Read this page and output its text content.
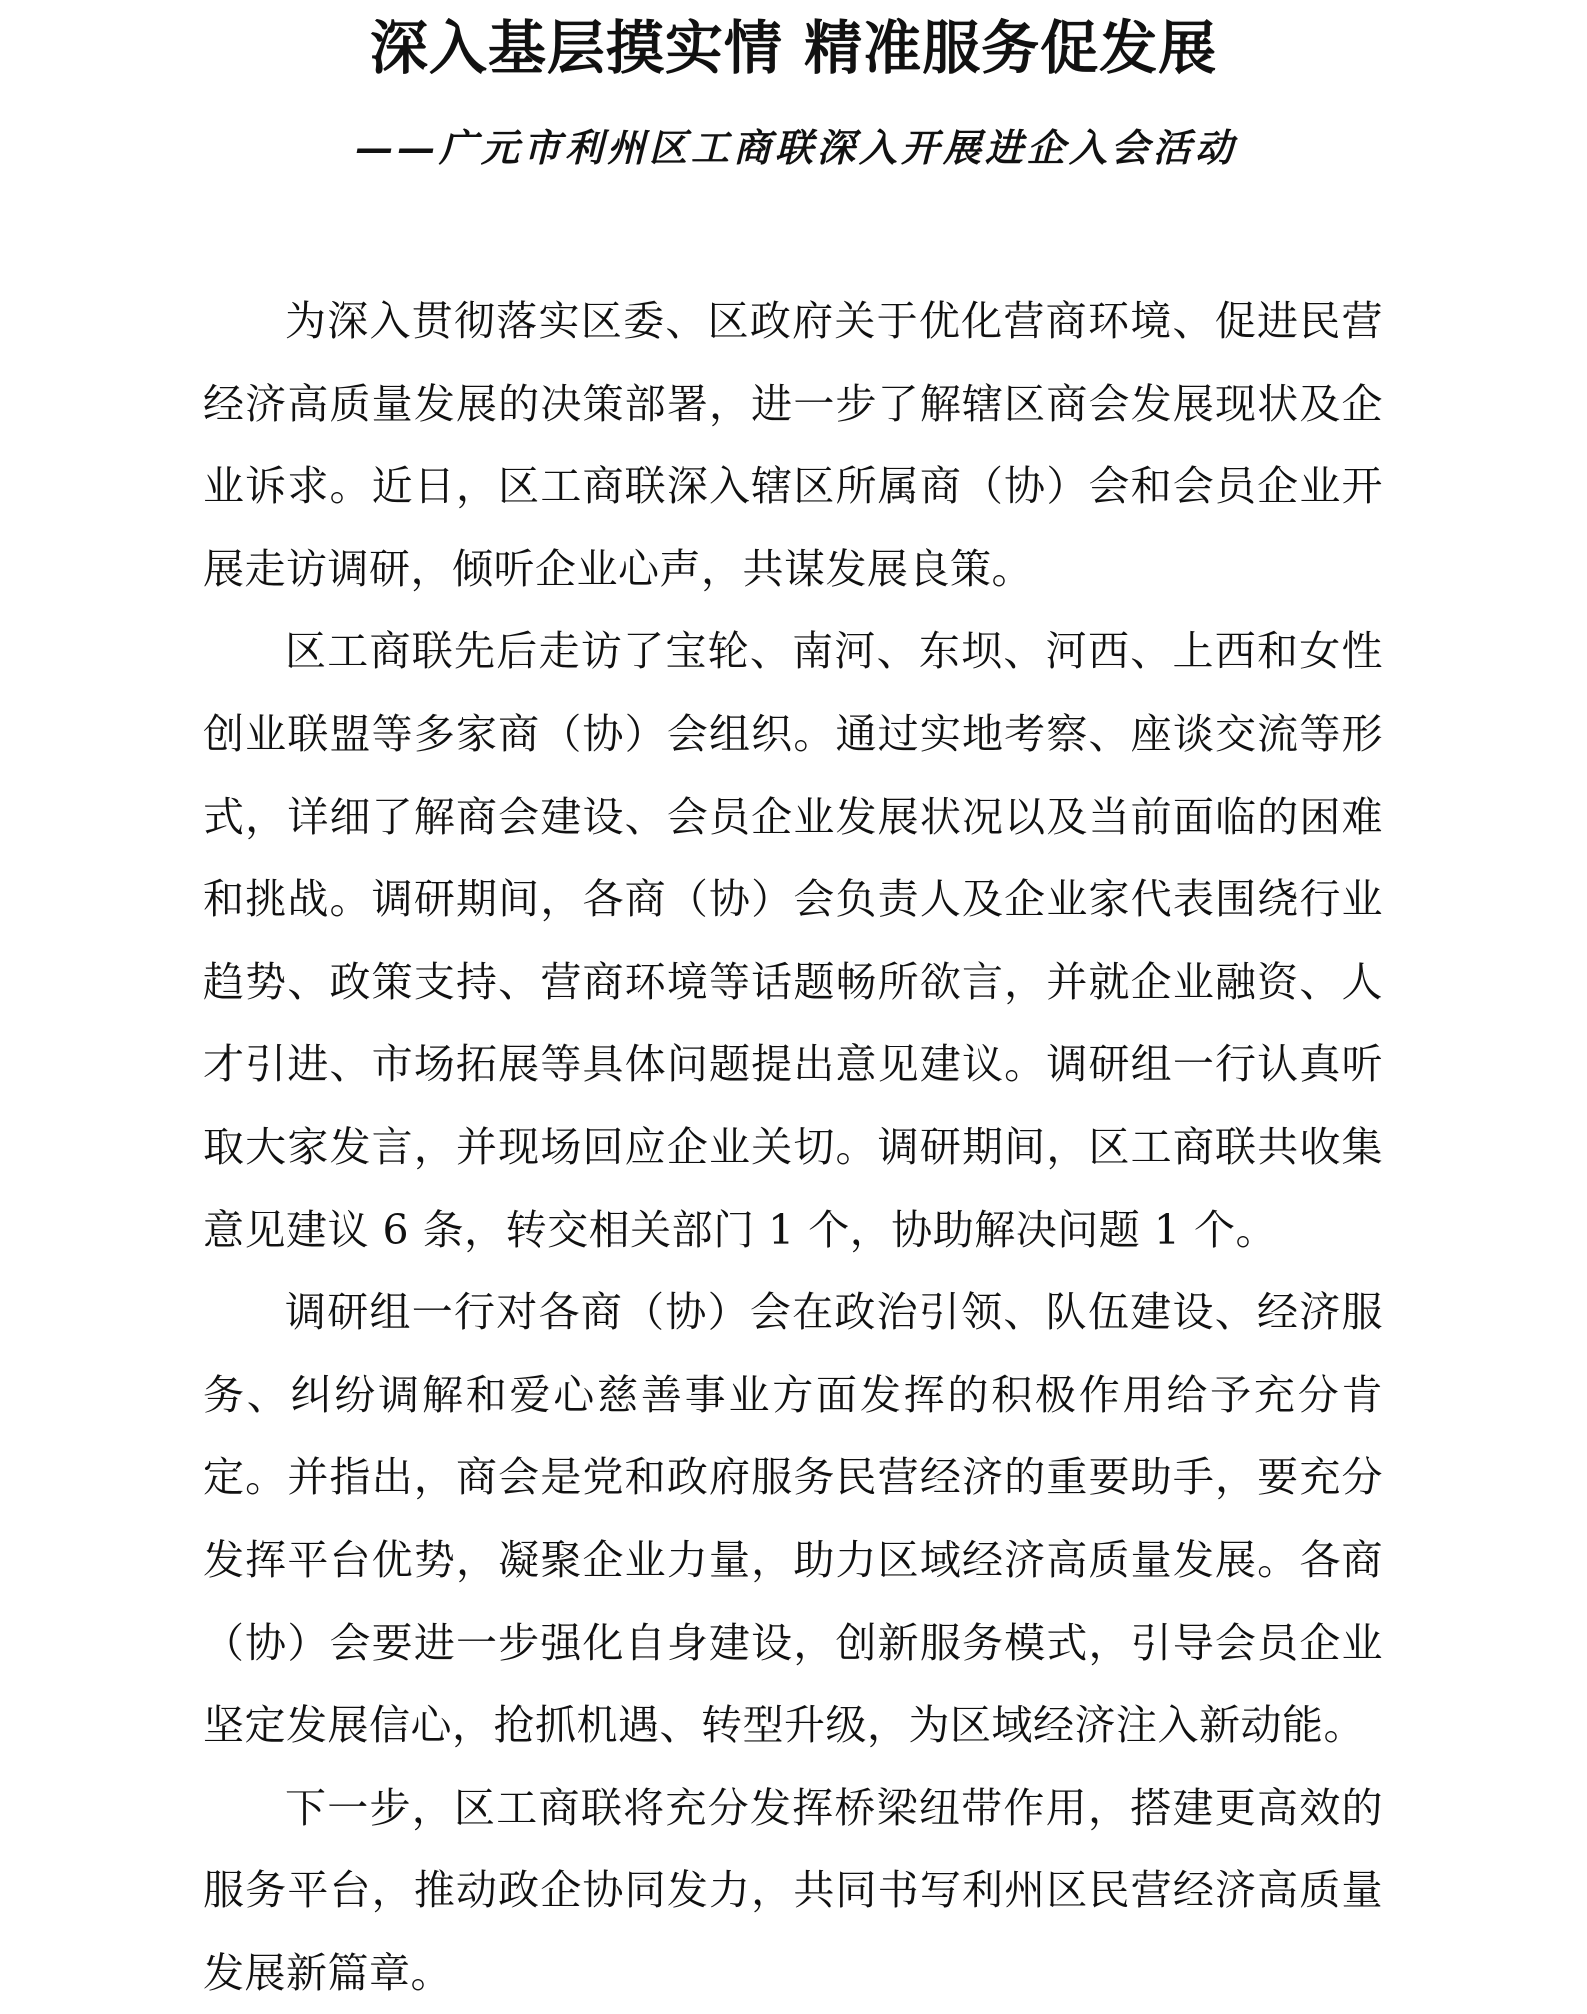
深入基层摸实情 精准服务促发展
——广元市利州区工商联深入开展进企入会活动

为深入贯彻落实区委、区政府关于优化营商环境、促进民营经济高质量发展的决策部署，进一步了解辖区商会发展现状及企业诉求。近日，区工商联深入辖区所属商（协）会和会员企业开展走访调研，倾听企业心声，共谋发展良策。

区工商联先后走访了宝轮、南河、东坝、河西、上西和女性创业联盟等多家商（协）会组织。通过实地考察、座谈交流等形式，详细了解商会建设、会员企业发展状况以及当前面临的困难和挑战。调研期间，各商（协）会负责人及企业家代表围绕行业趋势、政策支持、营商环境等话题畅所欲言，并就企业融资、人才引进、市场拓展等具体问题提出意见建议。调研组一行认真听取大家发言，并现场回应企业关切。调研期间，区工商联共收集意见建议 6 条，转交相关部门 1 个，协助解决问题 1 个。

调研组一行对各商（协）会在政治引领、队伍建设、经济服务、纠纷调解和爱心慈善事业方面发挥的积极作用给予充分肯定。并指出，商会是党和政府服务民营经济的重要助手，要充分发挥平台优势，凝聚企业力量，助力区域经济高质量发展。各商（协）会要进一步强化自身建设，创新服务模式，引导会员企业坚定发展信心，抢抓机遇、转型升级，为区域经济注入新动能。

下一步，区工商联将充分发挥桥梁纽带作用，搭建更高效的服务平台，推动政企协同发力，共同书写利州区民营经济高质量发展新篇章。
